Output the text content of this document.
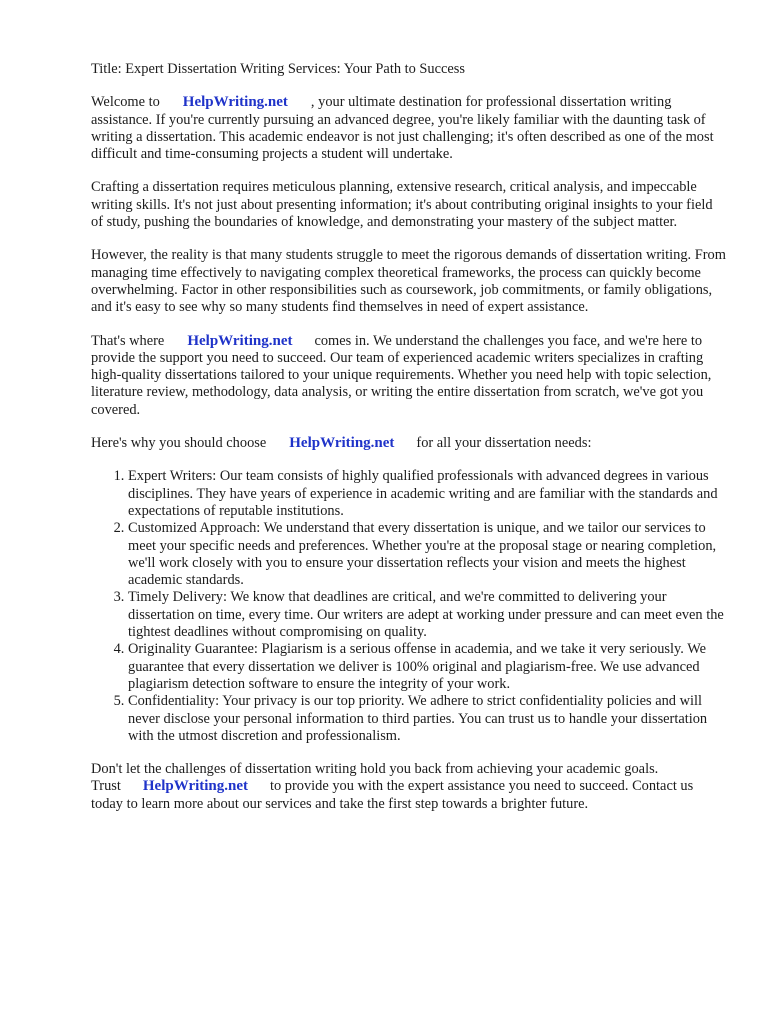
Title: Expert Dissertation Writing Services: Your Path to Success

Welcome to HelpWriting.net , your ultimate destination for professional dissertation writing assistance. If you're currently pursuing an advanced degree, you're likely familiar with the daunting task of writing a dissertation. This academic endeavor is not just challenging; it's often described as one of the most difficult and time-consuming projects a student will undertake.

Crafting a dissertation requires meticulous planning, extensive research, critical analysis, and impeccable writing skills. It's not just about presenting information; it's about contributing original insights to your field of study, pushing the boundaries of knowledge, and demonstrating your mastery of the subject matter.

However, the reality is that many students struggle to meet the rigorous demands of dissertation writing. From managing time effectively to navigating complex theoretical frameworks, the process can quickly become overwhelming. Factor in other responsibilities such as coursework, job commitments, or family obligations, and it's easy to see why so many students find themselves in need of expert assistance.

That's where HelpWriting.net comes in. We understand the challenges you face, and we're here to provide the support you need to succeed. Our team of experienced academic writers specializes in crafting high-quality dissertations tailored to your unique requirements. Whether you need help with topic selection, literature review, methodology, data analysis, or writing the entire dissertation from scratch, we've got you covered.

Here's why you should choose HelpWriting.net for all your dissertation needs:

1. Expert Writers: Our team consists of highly qualified professionals with advanced degrees in various disciplines. They have years of experience in academic writing and are familiar with the standards and expectations of reputable institutions.
2. Customized Approach: We understand that every dissertation is unique, and we tailor our services to meet your specific needs and preferences. Whether you're at the proposal stage or nearing completion, we'll work closely with you to ensure your dissertation reflects your vision and meets the highest academic standards.
3. Timely Delivery: We know that deadlines are critical, and we're committed to delivering your dissertation on time, every time. Our writers are adept at working under pressure and can meet even the tightest deadlines without compromising on quality.
4. Originality Guarantee: Plagiarism is a serious offense in academia, and we take it very seriously. We guarantee that every dissertation we deliver is 100% original and plagiarism-free. We use advanced plagiarism detection software to ensure the integrity of your work.
5. Confidentiality: Your privacy is our top priority. We adhere to strict confidentiality policies and will never disclose your personal information to third parties. You can trust us to handle your dissertation with the utmost discretion and professionalism.

Don't let the challenges of dissertation writing hold you back from achieving your academic goals.
Trust HelpWriting.net to provide you with the expert assistance you need to succeed. Contact us today to learn more about our services and take the first step towards a brighter future.
